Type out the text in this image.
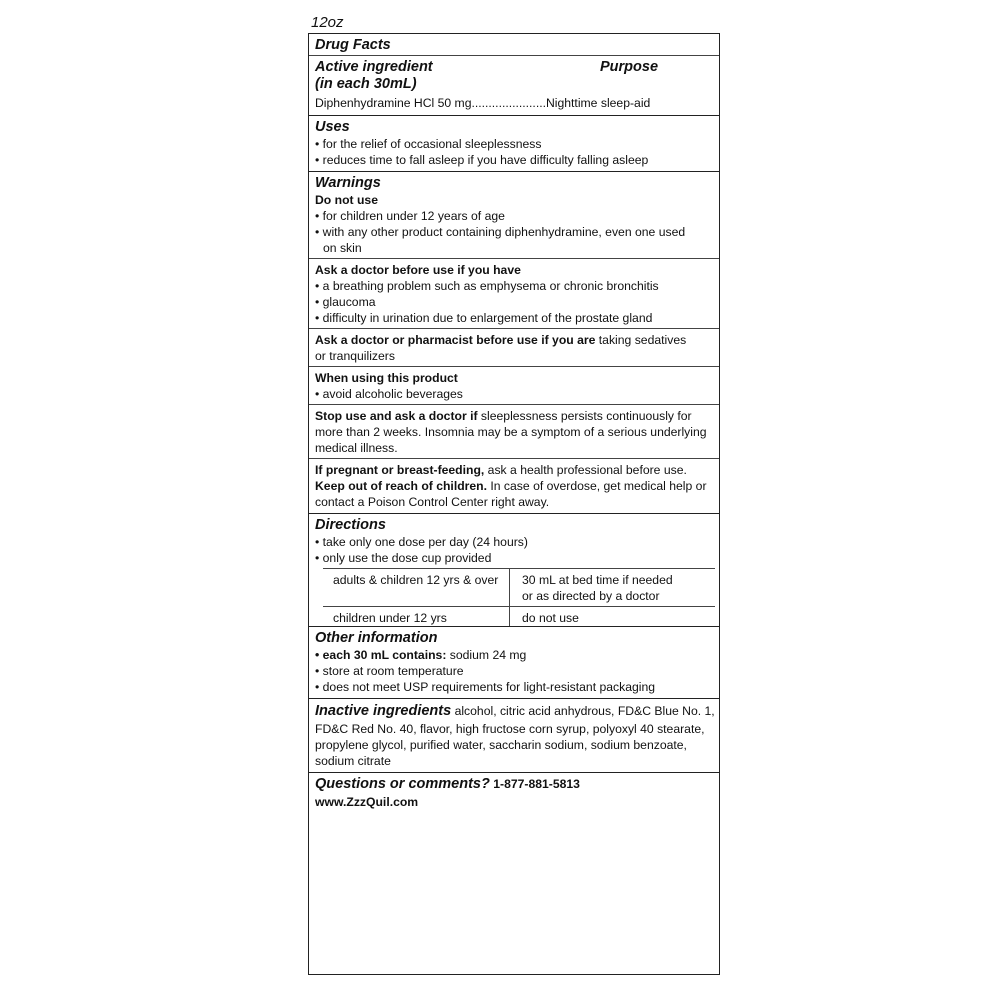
12oz
Drug Facts
Active ingredient
(in each 30mL)
Purpose
Diphenhydramine HCl 50 mg......................Nighttime sleep-aid
Uses
• for the relief of occasional sleeplessness
• reduces time to fall asleep if you have difficulty falling asleep
Warnings
Do not use
• for children under 12 years of age
• with any other product containing diphenhydramine, even one used
on skin
Ask a doctor before use if you have
• a breathing problem such as emphysema or chronic bronchitis
• glaucoma
• difficulty in urination due to enlargement of the prostate gland
Ask a doctor or pharmacist before use if you are taking sedatives
or tranquilizers
When using this product
• avoid alcoholic beverages
Stop use and ask a doctor if sleeplessness persists continuously for
more than 2 weeks. Insomnia may be a symptom of a serious underlying
medical illness.
If pregnant or breast-feeding, ask a health professional before use.
Keep out of reach of children. In case of overdose, get medical help or
contact a Poison Control Center right away.
Directions
• take only one dose per day (24 hours)
• only use the dose cup provided
adults & children 12 yrs & over 30 mL at bed time if needed
or as directed by a doctor
children under 12 yrs	do not use
Other information
• each 30 mL contains: sodium 24 mg
• store at room temperature
• does not meet USP requirements for light-resistant packaging
Inactive ingredients alcohol, citric acid anhydrous, FD&C Blue No. 1,
FD&C Red No. 40, flavor, high fructose corn syrup, polyoxyl 40 stearate,
propylene glycol, purified water, saccharin sodium, sodium benzoate,
sodium citrate
Questions or comments? 1-877-881-5813
www.ZzzQuil.com
